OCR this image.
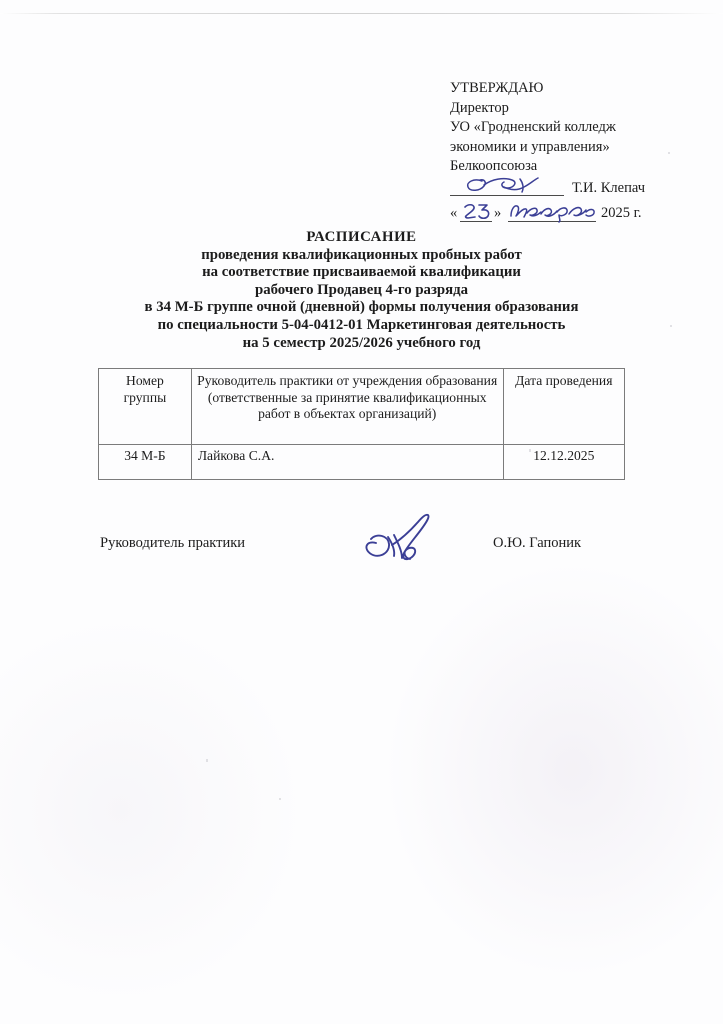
УТВЕРЖДАЮ
Директор
УО «Гродненский колледж
экономики и управления»
Белкоопсоюза
Т.И. Клепач
«	»	2025 г.
РАСПИСАНИЕ
проведения квалификационных пробных работ
на соответствие присваиваемой квалификации
рабочего Продавец 4-го разряда
в 34 М-Б группе очной (дневной) формы получения образования
по специальности 5-04-0412-01 Маркетинговая деятельность
на 5 семестр 2025/2026 учебного год
Номер группы	Руководитель практики от учреждения образования (ответственные за принятие квалификационных работ в объектах организаций)	Дата проведения
34 М-Б	Лайкова С.А.	12.12.2025
Руководитель практики	О.Ю. Гапоник
